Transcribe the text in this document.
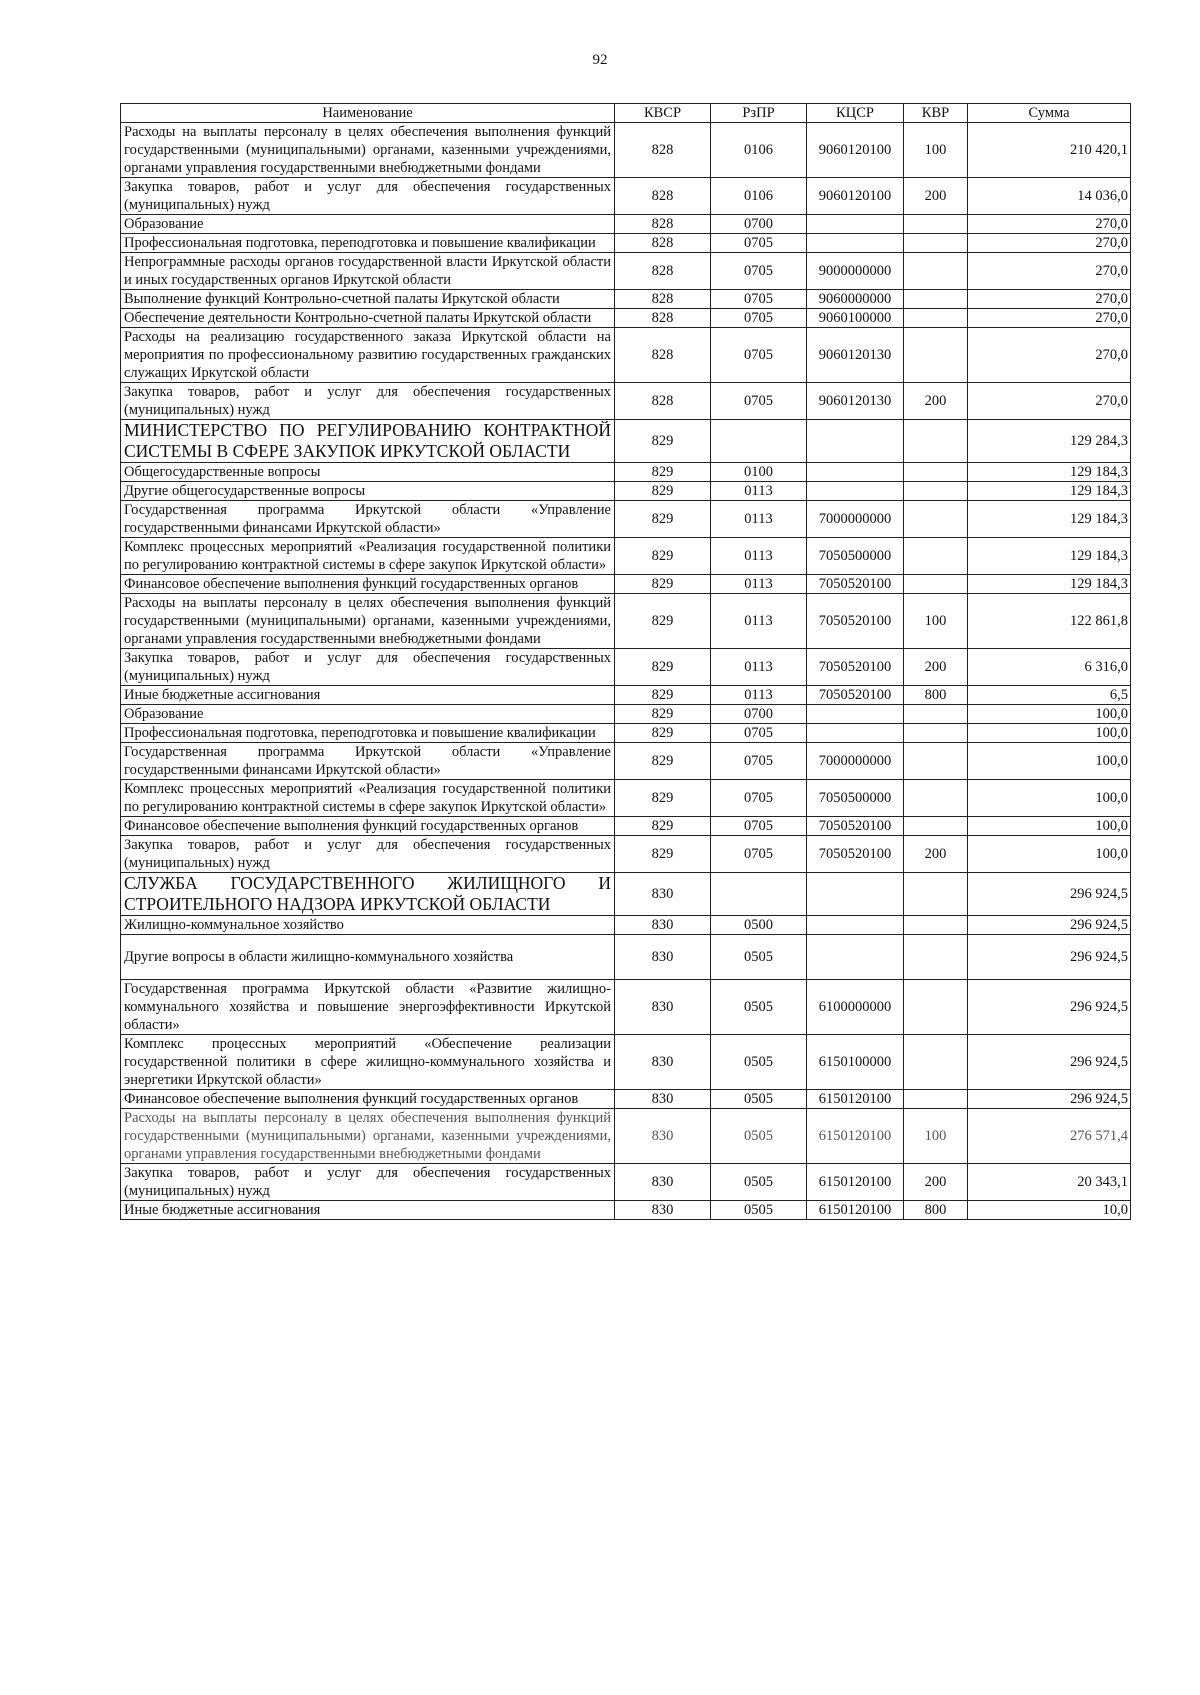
92
Наименование	КВСР	РзПР	КЦСР	КВР	Сумма
Расходы на выплаты персоналу в целях обеспечения выполнения функций государственными (муниципальными) органами, казенными учреждениями, органами управления государственными внебюджетными фондами	828	0106	9060120100	100	210 420,1
Закупка товаров, работ и услуг для обеспечения государственных (муниципальных) нужд	828	0106	9060120100	200	14 036,0
Образование	828	0700			270,0
Профессиональная подготовка, переподготовка и повышение квалификации	828	0705			270,0
Непрограммные расходы органов государственной власти Иркутской области и иных государственных органов Иркутской области	828	0705	9000000000		270,0
Выполнение функций Контрольно-счетной палаты Иркутской области	828	0705	9060000000		270,0
Обеспечение деятельности Контрольно-счетной палаты Иркутской области	828	0705	9060100000		270,0
Расходы на реализацию государственного заказа Иркутской области на мероприятия по профессиональному развитию государственных гражданских служащих Иркутской области	828	0705	9060120130		270,0
Закупка товаров, работ и услуг для обеспечения государственных (муниципальных) нужд	828	0705	9060120130	200	270,0
МИНИСТЕРСТВО ПО РЕГУЛИРОВАНИЮ КОНТРАКТНОЙ СИСТЕМЫ В СФЕРЕ ЗАКУПОК ИРКУТСКОЙ ОБЛАСТИ	829				129 284,3
Общегосударственные вопросы	829	0100			129 184,3
Другие общегосударственные вопросы	829	0113			129 184,3
Государственная программа Иркутской области «Управление государственными финансами Иркутской области»	829	0113	7000000000		129 184,3
Комплекс процессных мероприятий «Реализация государственной политики по регулированию контрактной системы в сфере закупок Иркутской области»	829	0113	7050500000		129 184,3
Финансовое обеспечение выполнения функций государственных органов	829	0113	7050520100		129 184,3
Расходы на выплаты персоналу в целях обеспечения выполнения функций государственными (муниципальными) органами, казенными учреждениями, органами управления государственными внебюджетными фондами	829	0113	7050520100	100	122 861,8
Закупка товаров, работ и услуг для обеспечения государственных (муниципальных) нужд	829	0113	7050520100	200	6 316,0
Иные бюджетные ассигнования	829	0113	7050520100	800	6,5
Образование	829	0700			100,0
Профессиональная подготовка, переподготовка и повышение квалификации	829	0705			100,0
Государственная программа Иркутской области «Управление государственными финансами Иркутской области»	829	0705	7000000000		100,0
Комплекс процессных мероприятий «Реализация государственной политики по регулированию контрактной системы в сфере закупок Иркутской области»	829	0705	7050500000		100,0
Финансовое обеспечение выполнения функций государственных органов	829	0705	7050520100		100,0
Закупка товаров, работ и услуг для обеспечения государственных (муниципальных) нужд	829	0705	7050520100	200	100,0
СЛУЖБА ГОСУДАРСТВЕННОГО ЖИЛИЩНОГО И СТРОИТЕЛЬНОГО НАДЗОРА ИРКУТСКОЙ ОБЛАСТИ	830				296 924,5
Жилищно-коммунальное хозяйство	830	0500			296 924,5
Другие вопросы в области жилищно-коммунального хозяйства	830	0505			296 924,5
Государственная программа Иркутской области «Развитие жилищно-коммунального хозяйства и повышение энергоэффективности Иркутской области»	830	0505	6100000000		296 924,5
Комплекс процессных мероприятий «Обеспечение реализации государственной политики в сфере жилищно-коммунального хозяйства и энергетики Иркутской области»	830	0505	6150100000		296 924,5
Финансовое обеспечение выполнения функций государственных органов	830	0505	6150120100		296 924,5
Расходы на выплаты персоналу в целях обеспечения выполнения функций государственными (муниципальными) органами, казенными учреждениями, органами управления государственными внебюджетными фондами	830	0505	6150120100	100	276 571,4
Закупка товаров, работ и услуг для обеспечения государственных (муниципальных) нужд	830	0505	6150120100	200	20 343,1
Иные бюджетные ассигнования	830	0505	6150120100	800	10,0
